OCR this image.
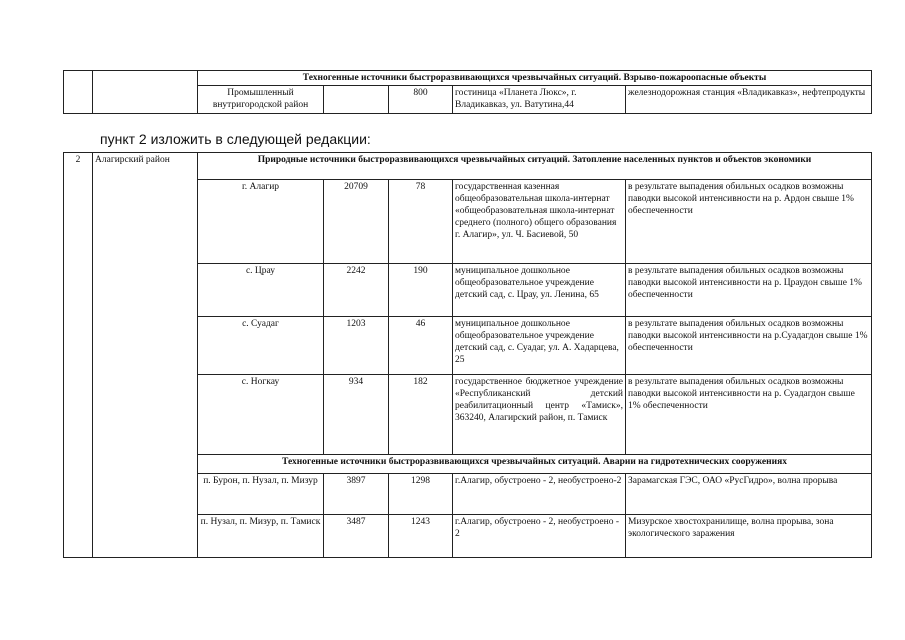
		Техногенные источники быстроразвивающихся чрезвычайных ситуаций. Взрыво-пожароопасные объекты				
		Промышленный внутригородской район		800	гостиница «Планета Люкс», г. Владикавказ, ул. Ватутина,44	железнодорожная станция «Владикавказ», нефтепродукты
пункт 2 изложить в следующей редакции:
2	Алагирский район	Природные источники быстроразвивающихся чрезвычайных ситуаций. Затопление населенных пунктов и объектов экономики				
		г. Алагир	20709	78	государственная казенная общеобразовательная школа-интернат «общеобразовательная школа-интернат среднего (полного) общего образования г. Алагир», ул. Ч. Басиевой, 50	в результате выпадения обильных осадков возможны паводки высокой интенсивности на р. Ардон свыше 1% обеспеченности
		с. Црау	2242	190	муниципальное дошкольное общеобразовательное учреждение детский сад, с. Црау, ул. Ленина, 65	в результате выпадения обильных осадков возможны паводки высокой интенсивности на р. Цраудон свыше 1% обеспеченности
		с. Суадаг	1203	46	муниципальное дошкольное общеобразовательное учреждение детский сад, с. Суадаг, ул. А. Хадарцева, 25	в результате выпадения обильных осадков возможны паводки высокой интенсивности на р.Суадагдон свыше 1% обеспеченности
		с. Ногкау	934	182	государственное бюджетное учреждение «Республиканский детский реабилитационный центр «Тамиск», 363240, Алагирский район, п. Тамиск	в результате выпадения обильных осадков возможны паводки высокой интенсивности на р. Суадагдон свыше 1% обеспеченности
		Техногенные источники быстроразвивающихся чрезвычайных ситуаций. Аварии на гидротехнических сооружениях				
		п. Бурон, п. Нузал, п. Мизур	3897	1298	г.Алагир, обустроено - 2, необустроено-2	Зарамагская ГЭС, ОАО «РусГидро», волна прорыва
		п. Нузал, п. Мизур, п. Тамиск	3487	1243	г.Алагир, обустроено - 2, необустроено - 2	Мизурское хвостохранилище, волна прорыва, зона экологического заражения
